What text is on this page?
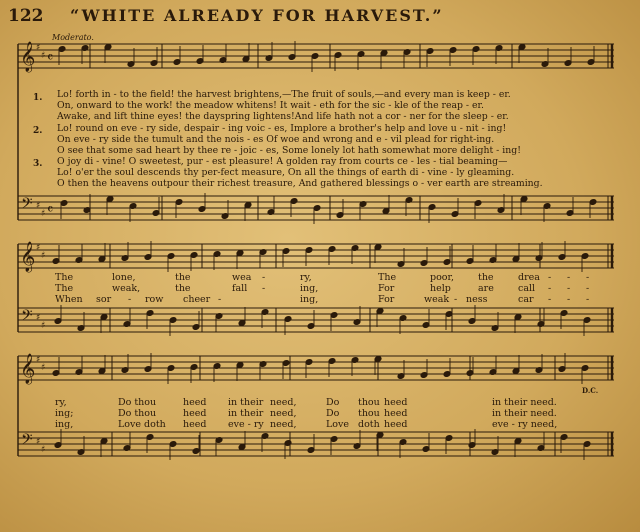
𝄞
𝄢
♯
♯
♯
♯
𝄴
𝄴
𝄞
𝄢
♯
♯
♯
♯
𝄞
𝄢
♯
♯
♯
♯
122 “WHITE ALREADY FOR HARVEST.”
Moderato.
1. Lo! forth in - to the field! the harvest brightens,—The fruit of souls,—and every man is keep - er.
On, onward to the work! the meadow whitens! It wait - eth for the sic - kle of the reap - er.
Awake, and lift thine eyes! the dayspring lightens!And life hath not a cor - ner for the sleep - er.
2. Lo! round on eve - ry side, despair - ing voic - es, Implore a brother's help and love u - nit - ing!
On eve - ry side the tumult and the nois - es Of woe and wrong and e - vil plead for right-ing.
O see that some sad heart by thee re - joic - es, Some lonely lot hath somewhat more delight - ing!
3. O joy di - vine! O sweetest, pur - est pleasure! A golden ray from courts ce - les - tial beaming—
Lo! o'er the soul descends thy per-fect measure, On all the things of earth di - vine - ly gleaming.
O then the heavens outpour their richest treasure, And gathered blessings o - ver earth are streaming.
D.C.
The	lone,	the	wea -	ry,	The	poor,	the	drea - - -
The	weak,	the	fall -	ing,	For	help	are	call - - -
When sor - row cheer -	ing,	For	weak - ness	car - - -
ry,	Do thou	heed in their need,	Do thou heed	in their need.
ing;	Do thou	heed in their need,	Do thou heed	in their need.
ing,	Love doth heed eve - ry need,	Love doth heed	eve - ry need,
